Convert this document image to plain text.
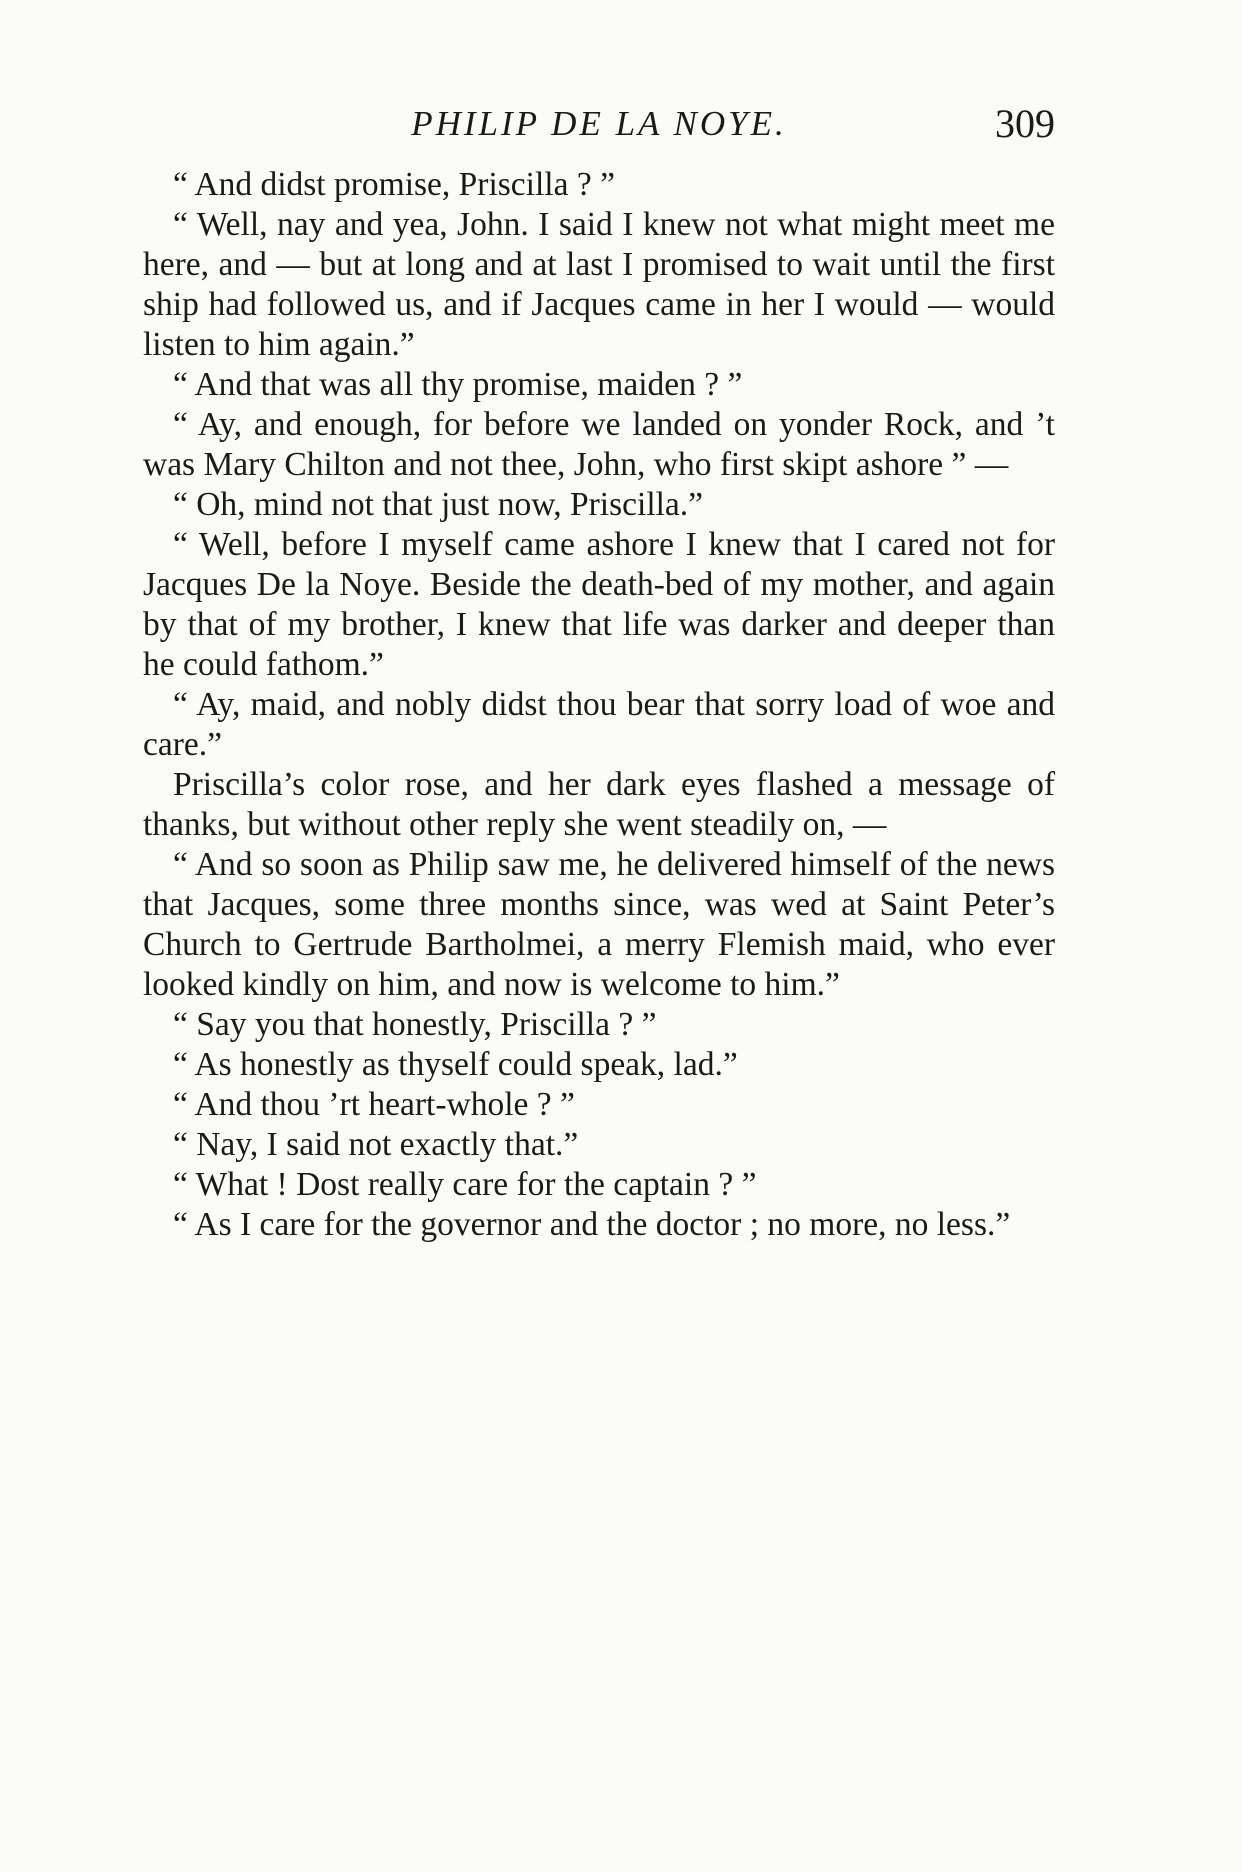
PHILIP DE LA NOYE.	309

“ And didst promise, Priscilla ? ”

“ Well, nay and yea, John. I said I knew not what might meet me here, and — but at long and at last I promised to wait until the first ship had followed us, and if Jacques came in her I would — would listen to him again.”

“ And that was all thy promise, maiden ? ”

“ Ay, and enough, for before we landed on yonder Rock, and ’t was Mary Chilton and not thee, John, who first skipt ashore ” —

“ Oh, mind not that just now, Priscilla.”

“ Well, before I myself came ashore I knew that I cared not for Jacques De la Noye. Beside the death-bed of my mother, and again by that of my brother, I knew that life was darker and deeper than he could fathom.”

“ Ay, maid, and nobly didst thou bear that sorry load of woe and care.”

Priscilla’s color rose, and her dark eyes flashed a message of thanks, but without other reply she went steadily on, —

“ And so soon as Philip saw me, he delivered himself of the news that Jacques, some three months since, was wed at Saint Peter’s Church to Gertrude Bartholmei, a merry Flemish maid, who ever looked kindly on him, and now is welcome to him.”

“ Say you that honestly, Priscilla ? ”

“ As honestly as thyself could speak, lad.”

“ And thou ’rt heart-whole ? ”

“ Nay, I said not exactly that.”

“ What ! Dost really care for the captain ? ”

“ As I care for the governor and the doctor ; no more, no less.”
